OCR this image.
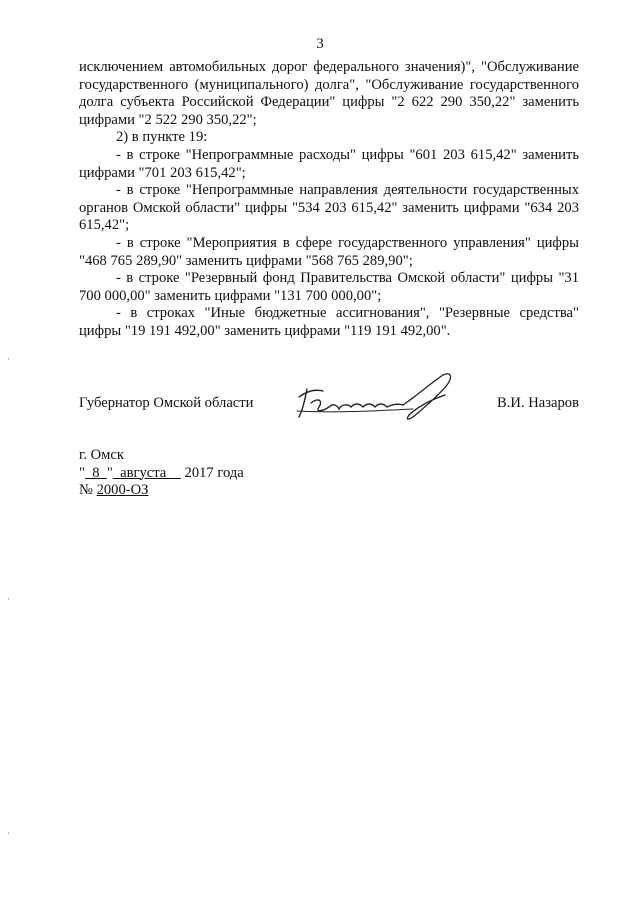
3

исключением автомобильных дорог федерального значения)", "Обслуживание государственного (муниципального) долга", "Обслуживание государственного долга субъекта Российской Федерации" цифры "2 622 290 350,22" заменить цифрами "2 522 290 350,22";

2) в пункте 19:

- в строке "Непрограммные расходы" цифры "601 203 615,42" заменить цифрами "701 203 615,42";

- в строке "Непрограммные направления деятельности государственных органов Омской области" цифры "534 203 615,42" заменить цифрами "634 203 615,42";

- в строке "Мероприятия в сфере государственного управления" цифры "468 765 289,90" заменить цифрами "568 765 289,90";

- в строке "Резервный фонд Правительства Омской области" цифры "31 700 000,00" заменить цифрами "131 700 000,00";

- в строках "Иные бюджетные ассигнования", "Резервные средства" цифры "19 191 492,00" заменить цифрами "119 191 492,00".

Губернатор Омской области	В.И. Назаров
г. Омск
"  8  "  августа     2017 года
№ 2000-ОЗ
